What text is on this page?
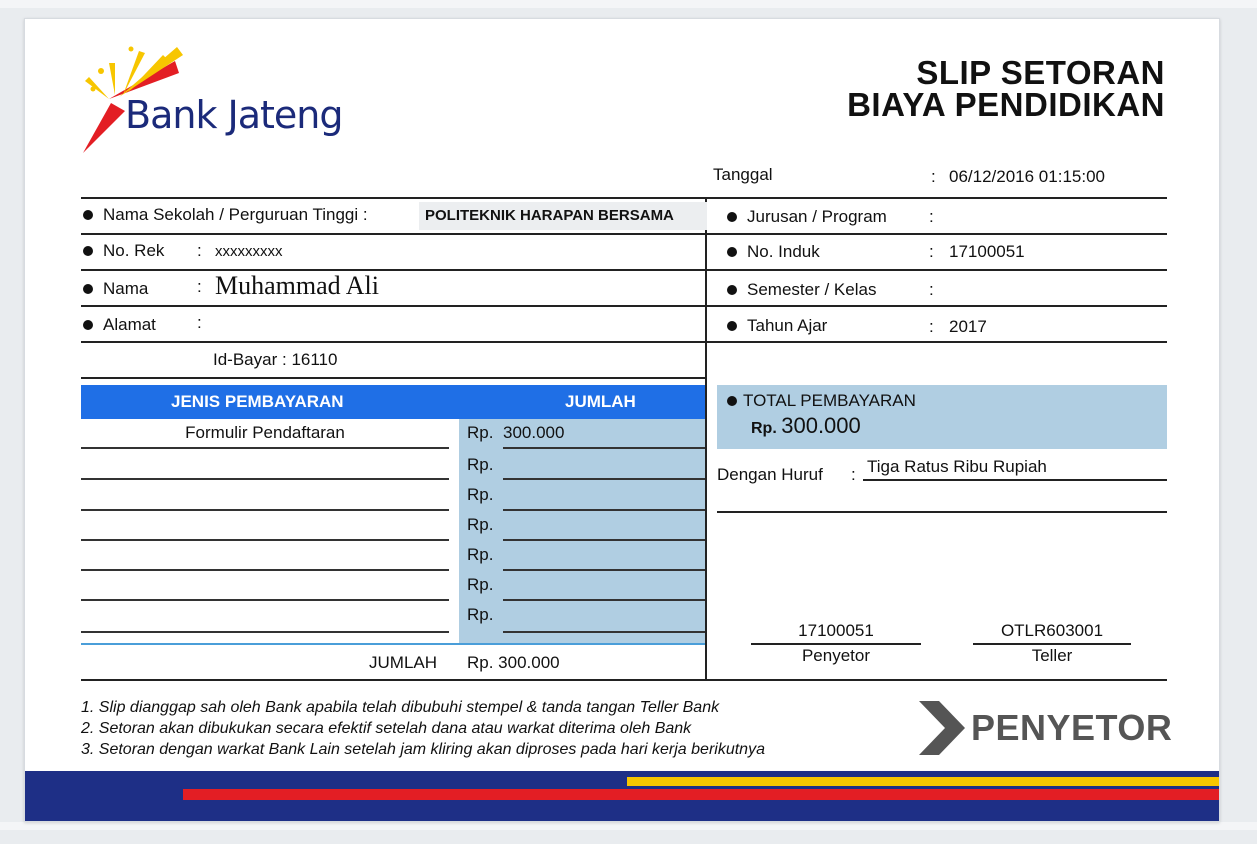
Bank Jateng
SLIP SETORAN
BIAYA PENDIDIKAN
Tanggal	: 06/12/2016 01:15:00
Nama Sekolah / Perguruan Tinggi :	POLITEKNIK HARAPAN BERSAMA
No. Rek : xxxxxxxxx
Nama	: Muhammad Ali
Alamat :
Id-Bayar : 16110
Jurusan / Program :
No. Induk	: 17100051
Semester / Kelas	:
Tahun Ajar	: 2017
JENIS PEMBAYARAN	JUMLAH
Formulir Pendaftaran	Rp. 300.000
Rp.
Rp.
Rp.
Rp.
Rp.
Rp.
JUMLAH Rp. 300.000
TOTAL PEMBAYARAN
Rp. 300.000
Dengan Huruf : Tiga Ratus Ribu Rupiah
17100051
Penyetor
OTLR603001
Teller
1. Slip dianggap sah oleh Bank apabila telah dibubuhi stempel & tanda tangan Teller Bank
2. Setoran akan dibukukan secara efektif setelah dana atau warkat diterima oleh Bank
3. Setoran dengan warkat Bank Lain setelah jam kliring akan diproses pada hari kerja berikutnya
PENYETOR
